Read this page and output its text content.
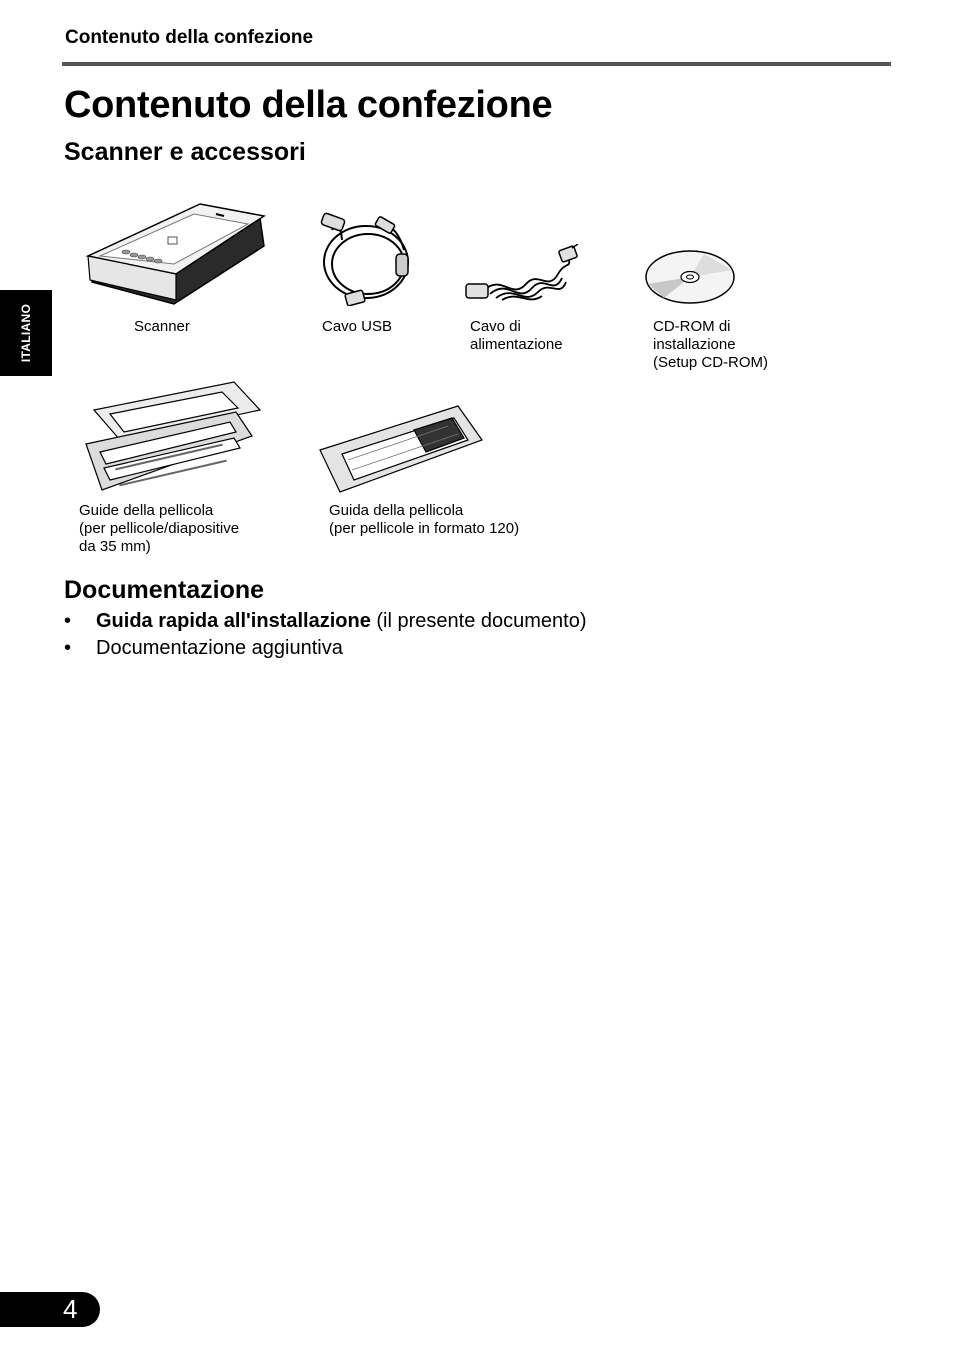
Contenuto della confezione
ITALIANO
Contenuto della confezione
Scanner e accessori
Scanner	Cavo USB	Cavo di
alimentazione
CD-ROM di
installazione
(Setup CD-ROM)
Guide della pellicola
(per pellicole/diapositive
da 35 mm)
Guida della pellicola
(per pellicole in formato 120)
Documentazione
• Guida rapida all'installazione (il presente documento)
• Documentazione aggiuntiva
4
